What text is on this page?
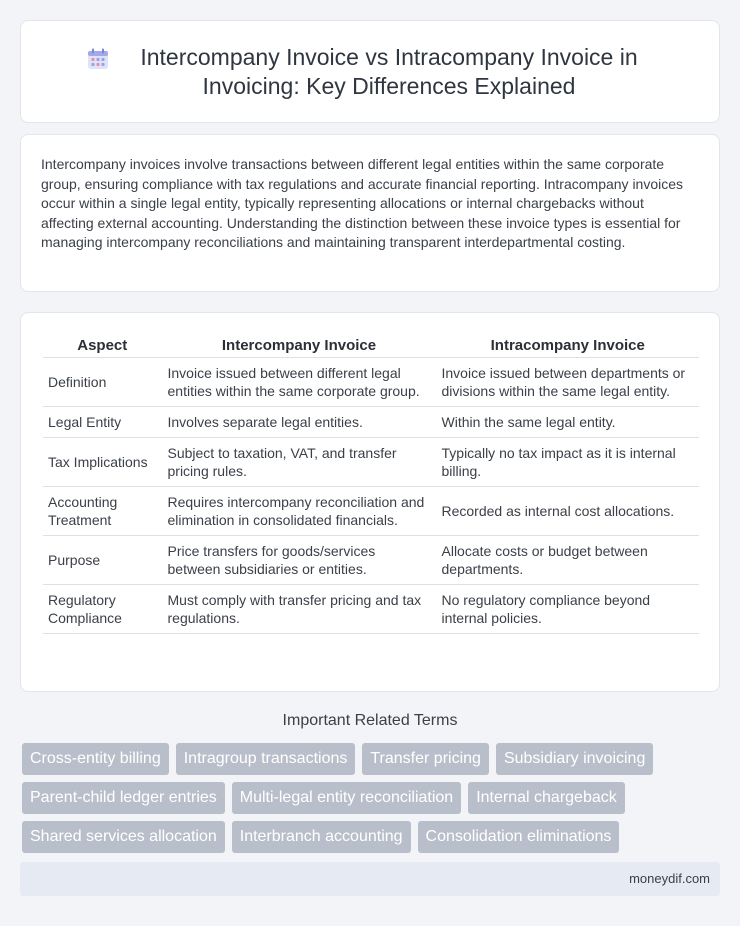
Intercompany Invoice vs Intracompany Invoice in Invoicing: Key Differences Explained

Intercompany invoices involve transactions between different legal entities within the same corporate group, ensuring compliance with tax regulations and accurate financial reporting. Intracompany invoices occur within a single legal entity, typically representing allocations or internal chargebacks without affecting external accounting. Understanding the distinction between these invoice types is essential for managing intercompany reconciliations and maintaining transparent interdepartmental costing.

Aspect	Intercompany Invoice	Intracompany Invoice
Definition	Invoice issued between different legal entities within the same corporate group.	Invoice issued between departments or divisions within the same legal entity.
Legal Entity	Involves separate legal entities.	Within the same legal entity.
Tax Implications	Subject to taxation, VAT, and transfer pricing rules.	Typically no tax impact as it is internal billing.
Accounting Treatment	Requires intercompany reconciliation and elimination in consolidated financials.	Recorded as internal cost allocations.
Purpose	Price transfers for goods/services between subsidiaries or entities.	Allocate costs or budget between departments.
Regulatory Compliance	Must comply with transfer pricing and tax regulations.	No regulatory compliance beyond internal policies.
Important Related Terms
Cross-entity billing	Intragroup transactions	Transfer pricing	Subsidiary invoicing
Parent-child ledger entries	Multi-legal entity reconciliation	Internal chargeback
Shared services allocation	Interbranch accounting	Consolidation eliminations
moneydif.com
